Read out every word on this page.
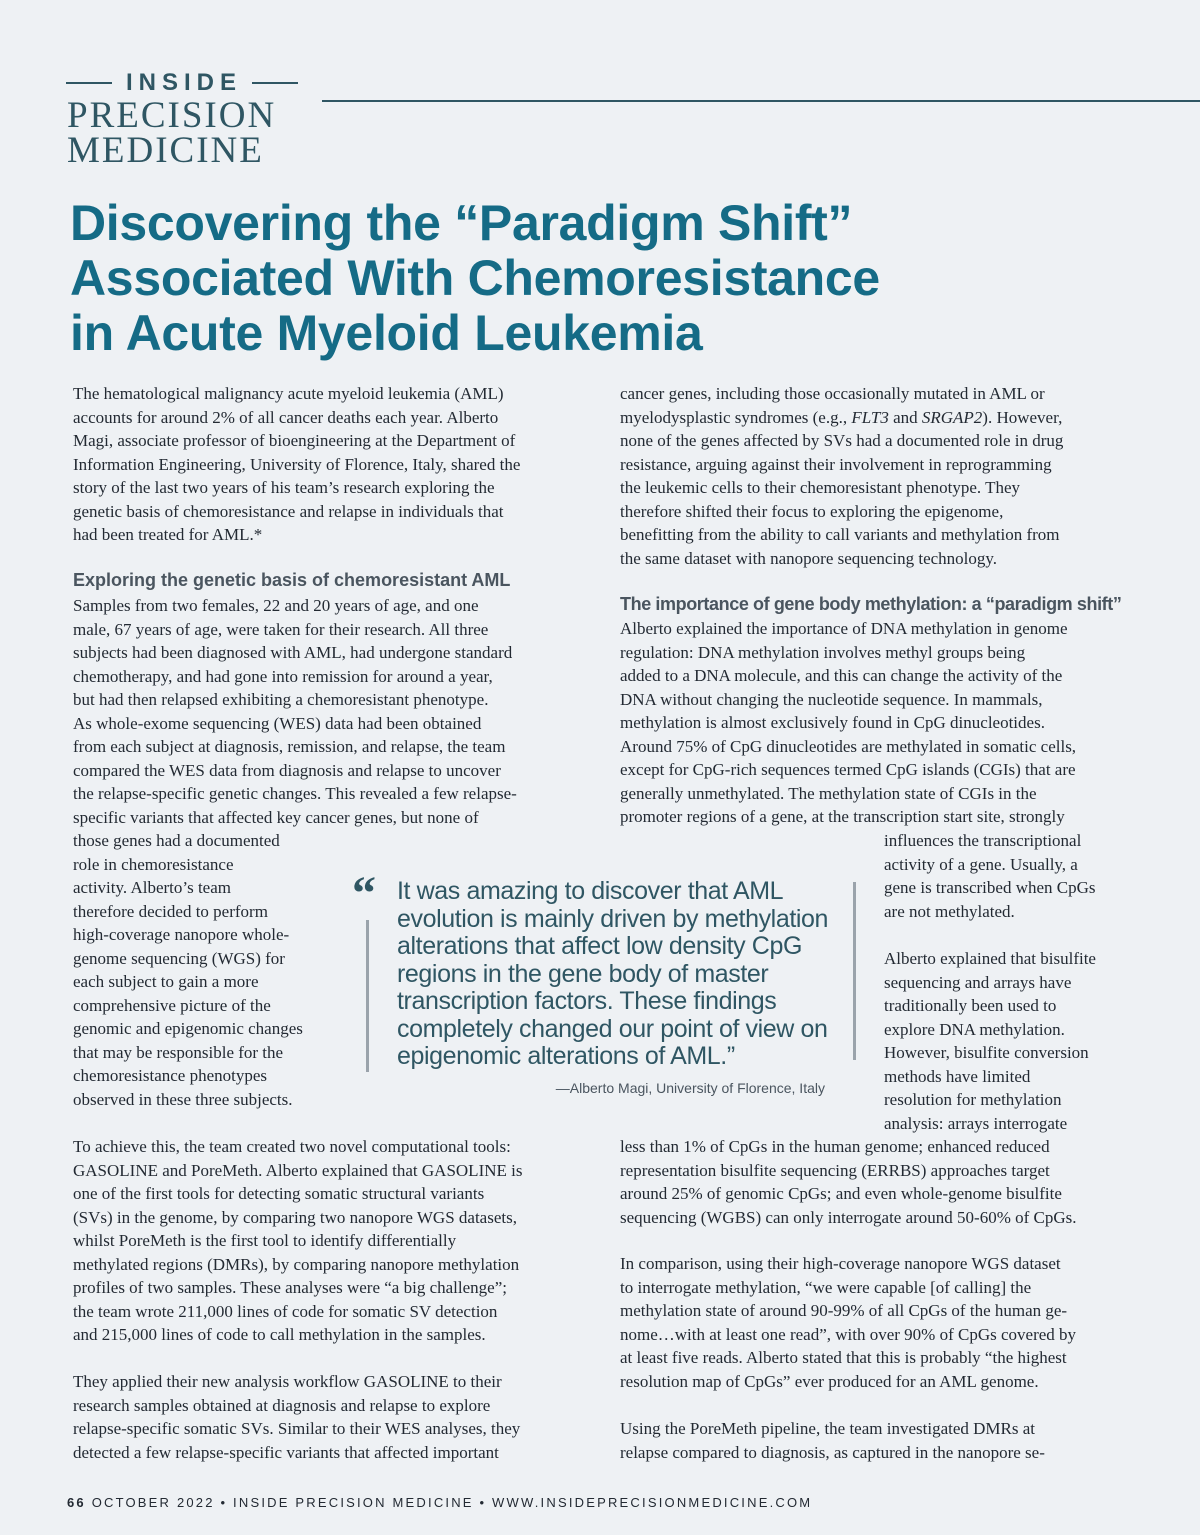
INSIDE
PRECISION
MEDICINE
Discovering the “Paradigm Shift”
Associated With Chemoresistance
in Acute Myeloid Leukemia

The hematological malignancy acute myeloid leukemia (AML)
accounts for around 2% of all cancer deaths each year. Alberto
Magi, associate professor of bioengineering at the Department of
Information Engineering, University of Florence, Italy, shared the
story of the last two years of his team’s research exploring the
genetic basis of chemoresistance and relapse in individuals that
had been treated for AML.*

Exploring the genetic basis of chemoresistant AML

Samples from two females, 22 and 20 years of age, and one
male, 67 years of age, were taken for their research. All three
subjects had been diagnosed with AML, had undergone standard
chemotherapy, and had gone into remission for around a year,
but had then relapsed exhibiting a chemoresistant phenotype.
As whole-exome sequencing (WES) data had been obtained
from each subject at diagnosis, remission, and relapse, the team
compared the WES data from diagnosis and relapse to uncover
the relapse-specific genetic changes. This revealed a few relapse-
specific variants that affected key cancer genes, but none of
those genes had a documented
role in chemoresistance
activity. Alberto’s team
therefore decided to perform
high-coverage nanopore whole-
genome sequencing (WGS) for
each subject to gain a more
comprehensive picture of the
genomic and epigenomic changes
that may be responsible for the
chemoresistance phenotypes
observed in these three subjects.

To achieve this, the team created two novel computational tools:
GASOLINE and PoreMeth. Alberto explained that GASOLINE is
one of the first tools for detecting somatic structural variants
(SVs) in the genome, by comparing two nanopore WGS datasets,
whilst PoreMeth is the first tool to identify differentially
methylated regions (DMRs), by comparing nanopore methylation
profiles of two samples. These analyses were “a big challenge”;
the team wrote 211,000 lines of code for somatic SV detection
and 215,000 lines of code to call methylation in the samples.

They applied their new analysis workflow GASOLINE to their
research samples obtained at diagnosis and relapse to explore
relapse-specific somatic SVs. Similar to their WES analyses, they
detected a few relapse-specific variants that affected important

cancer genes, including those occasionally mutated in AML or
myelodysplastic syndromes (e.g., FLT3 and SRGAP2). However,
none of the genes affected by SVs had a documented role in drug
resistance, arguing against their involvement in reprogramming
the leukemic cells to their chemoresistant phenotype. They
therefore shifted their focus to exploring the epigenome,
benefitting from the ability to call variants and methylation from
the same dataset with nanopore sequencing technology.

The importance of gene body methylation: a “paradigm shift”

Alberto explained the importance of DNA methylation in genome
regulation: DNA methylation involves methyl groups being
added to a DNA molecule, and this can change the activity of the
DNA without changing the nucleotide sequence. In mammals,
methylation is almost exclusively found in CpG dinucleotides.
Around 75% of CpG dinucleotides are methylated in somatic cells,
except for CpG-rich sequences termed CpG islands (CGIs) that are
generally unmethylated. The methylation state of CGIs in the
promoter regions of a gene, at the transcription start site, strongly

influences the transcriptional
activity of a gene. Usually, a
gene is transcribed when CpGs
are not methylated.

Alberto explained that bisulfite
sequencing and arrays have
traditionally been used to
explore DNA methylation.
However, bisulfite conversion
methods have limited
resolution for methylation
analysis: arrays interrogate

less than 1% of CpGs in the human genome; enhanced reduced
representation bisulfite sequencing (ERRBS) approaches target
around 25% of genomic CpGs; and even whole-genome bisulfite
sequencing (WGBS) can only interrogate around 50-60% of CpGs.

In comparison, using their high-coverage nanopore WGS dataset
to interrogate methylation, “we were capable [of calling] the
methylation state of around 90-99% of all CpGs of the human ge-
nome…with at least one read”, with over 90% of CpGs covered by
at least five reads. Alberto stated that this is probably “the highest
resolution map of CpGs” ever produced for an AML genome.

Using the PoreMeth pipeline, the team investigated DMRs at
relapse compared to diagnosis, as captured in the nanopore se-

“ It was amazing to discover that AML
evolution is mainly driven by methylation
alterations that affect low density CpG
regions in the gene body of master
transcription factors. These findings
completely changed our point of view on
epigenomic alterations of AML.”

—Alberto Magi, University of Florence, Italy

66 OCTOBER 2022 • INSIDE PRECISION MEDICINE • WWW.INSIDEPRECISIONMEDICINE.COM
